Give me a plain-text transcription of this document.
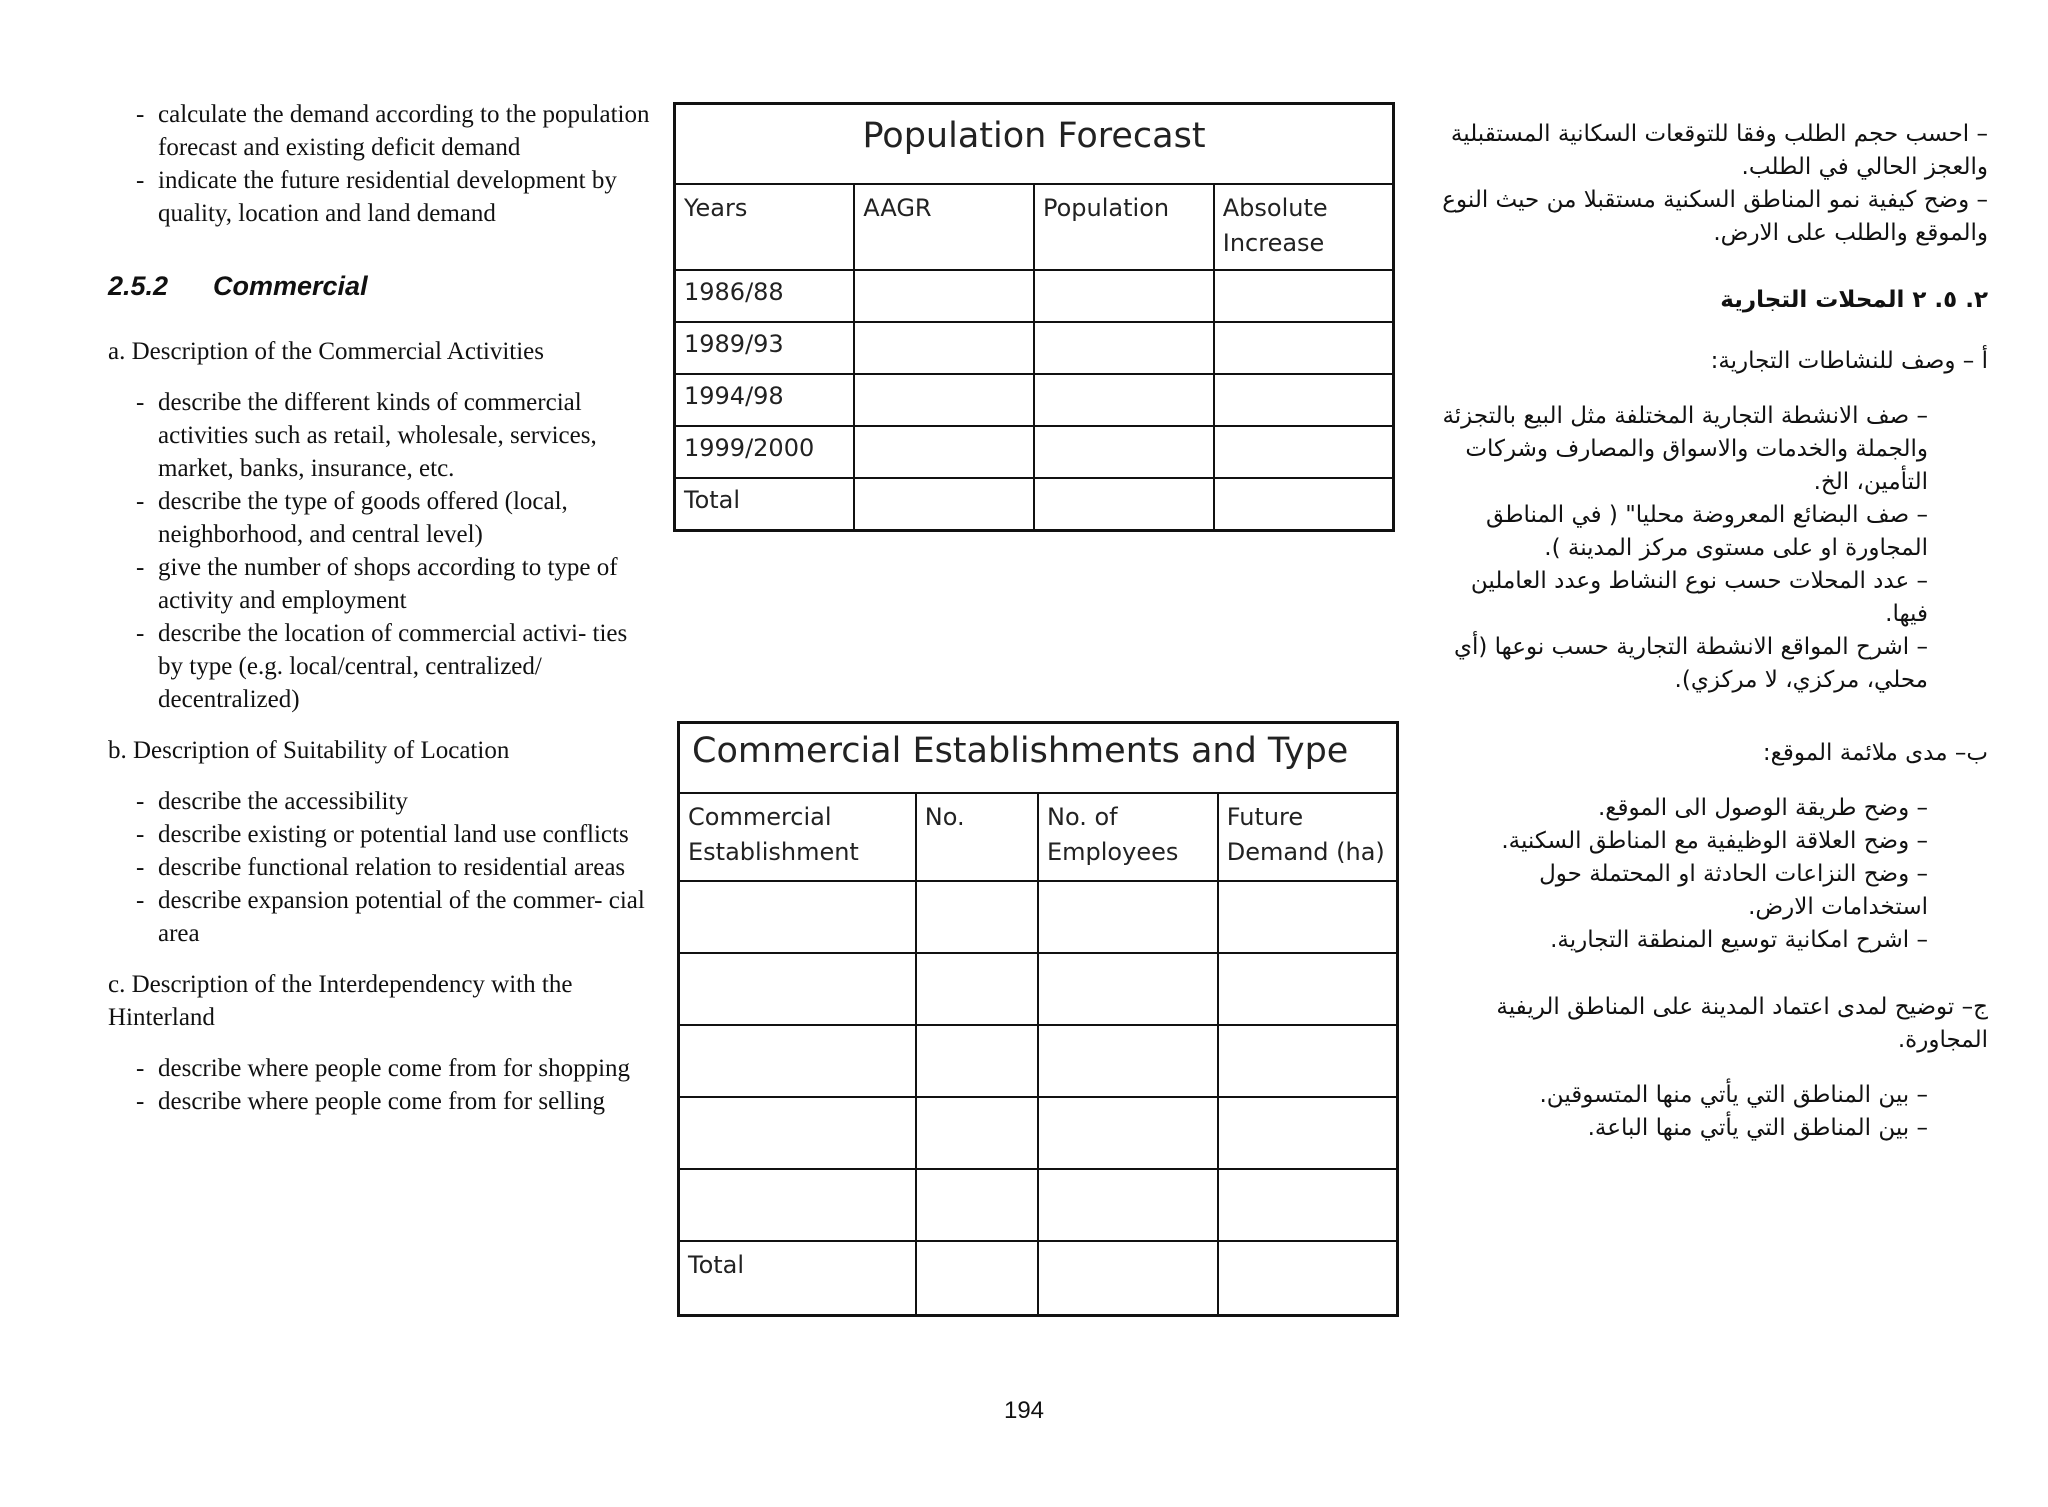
- calculate the demand according to the population forecast and existing deficit demand
- indicate the future residential development by quality, location and land demand
2.5.2	Commercial
a. Description of the Commercial Activities
- describe the different kinds of commercial activities such as retail, wholesale, services, market, banks, insurance, etc.
- describe the type of goods offered (local, neighborhood, and central level)
- give the number of shops according to type of activity and employment
- describe the location of commercial activi- ties by type (e.g. local/central, centralized/ decentralized)
b. Description of Suitability of Location
- describe the accessibility
- describe existing or potential land use conflicts
- describe functional relation to residential areas
- describe expansion potential of the commer- cial area
c. Description of the Interdependency with the Hinterland
- describe where people come from for shopping
- describe where people come from for selling
Population Forecast			
Years	AAGR	Population	Absolute Increase
1986/88			
1989/93			
1994/98			
1999/2000			
Total			
Commercial Establishments and Type			
Commercial Establishment	No.	No. of Employees	Future Demand (ha)

Total			

– احسب حجم الطلب وفقا للتوقعات السكانية المستقبلية والعجز الحالي في الطلب.

– وضح كيفية نمو المناطق السكنية مستقبلا من حيث النوع والموقع والطلب على الارض.

٢. ٥. ٢ المحلات التجارية

أ – وصف للنشاطات التجارية:

– صف الانشطة التجارية المختلفة مثل البيع بالتجزئة والجملة والخدمات والاسواق والمصارف وشركات التأمين، الخ.

– صف البضائع المعروضة محليا" ( في المناطق المجاورة او على مستوى مركز المدينة ).

– عدد المحلات حسب نوع النشاط وعدد العاملين فيها.

– اشرح المواقع الانشطة التجارية حسب نوعها (أي محلي، مركزي، لا مركزي).

ب– مدى ملائمة الموقع:

– وضح طريقة الوصول الى الموقع.

– وضح العلاقة الوظيفية مع المناطق السكنية.

– وضح النزاعات الحادثة او المحتملة حول استخدامات الارض.

– اشرح امكانية توسيع المنطقة التجارية.

ج– توضيح لمدى اعتماد المدينة على المناطق الريفية المجاورة.

– بين المناطق التي يأتي منها المتسوقين.

– بين المناطق التي يأتي منها الباعة.

194
